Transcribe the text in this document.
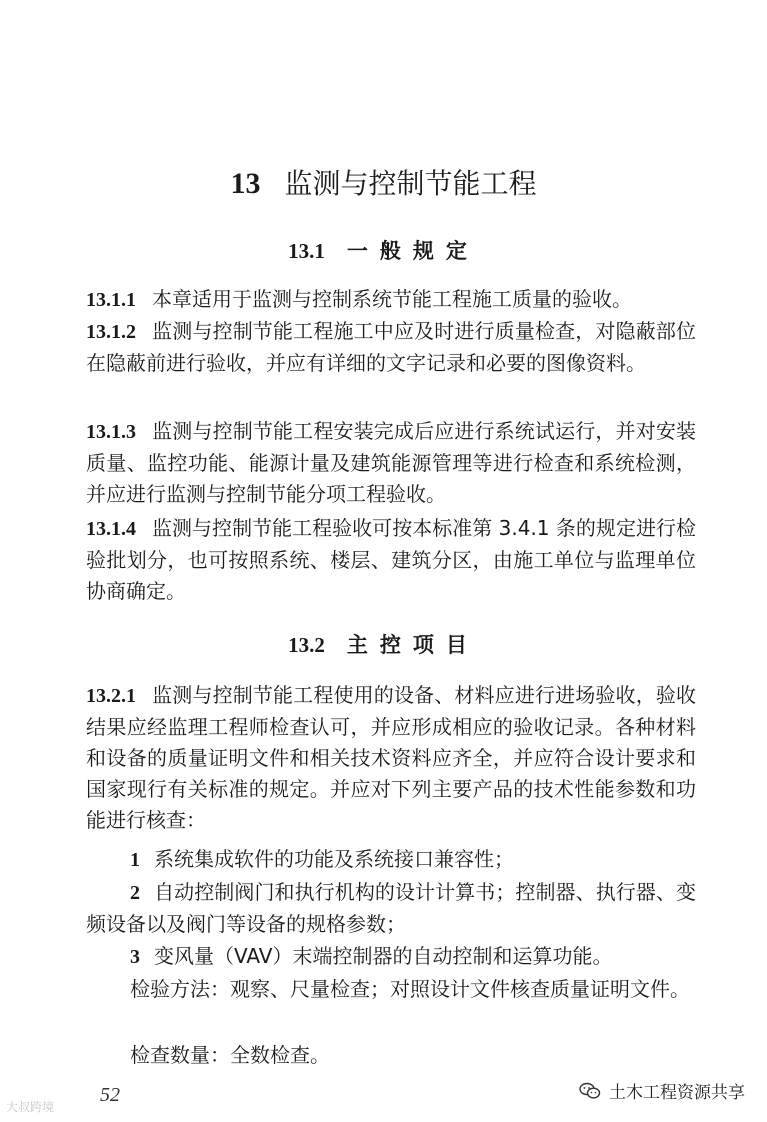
13 监测与控制节能工程
13.1 一般规定

13.1.1 本章适用于监测与控制系统节能工程施工质量的验收。

13.1.2 监测与控制节能工程施工中应及时进行质量检查，对隐蔽部位在隐蔽前进行验收，并应有详细的文字记录和必要的图像资料。

13.1.3 监测与控制节能工程安装完成后应进行系统试运行，并对安装质量、监控功能、能源计量及建筑能源管理等进行检查和系统检测，并应进行监测与控制节能分项工程验收。

13.1.4 监测与控制节能工程验收可按本标准第 3.4.1 条的规定进行检验批划分，也可按照系统、楼层、建筑分区，由施工单位与监理单位协商确定。

13.2 主控项目

13.2.1 监测与控制节能工程使用的设备、材料应进行进场验收，验收结果应经监理工程师检查认可，并应形成相应的验收记录。各种材料和设备的质量证明文件和相关技术资料应齐全，并应符合设计要求和国家现行有关标准的规定。并应对下列主要产品的技术性能参数和功能进行核查：

1 系统集成软件的功能及系统接口兼容性；

2 自动控制阀门和执行机构的设计计算书；控制器、执行器、变频设备以及阀门等设备的规格参数；

3 变风量（VAV）末端控制器的自动控制和运算功能。

检验方法：观察、尺量检查；对照设计文件核查质量证明文件。

检查数量：全数检查。

52
大叔跨境
土木工程资源共享
